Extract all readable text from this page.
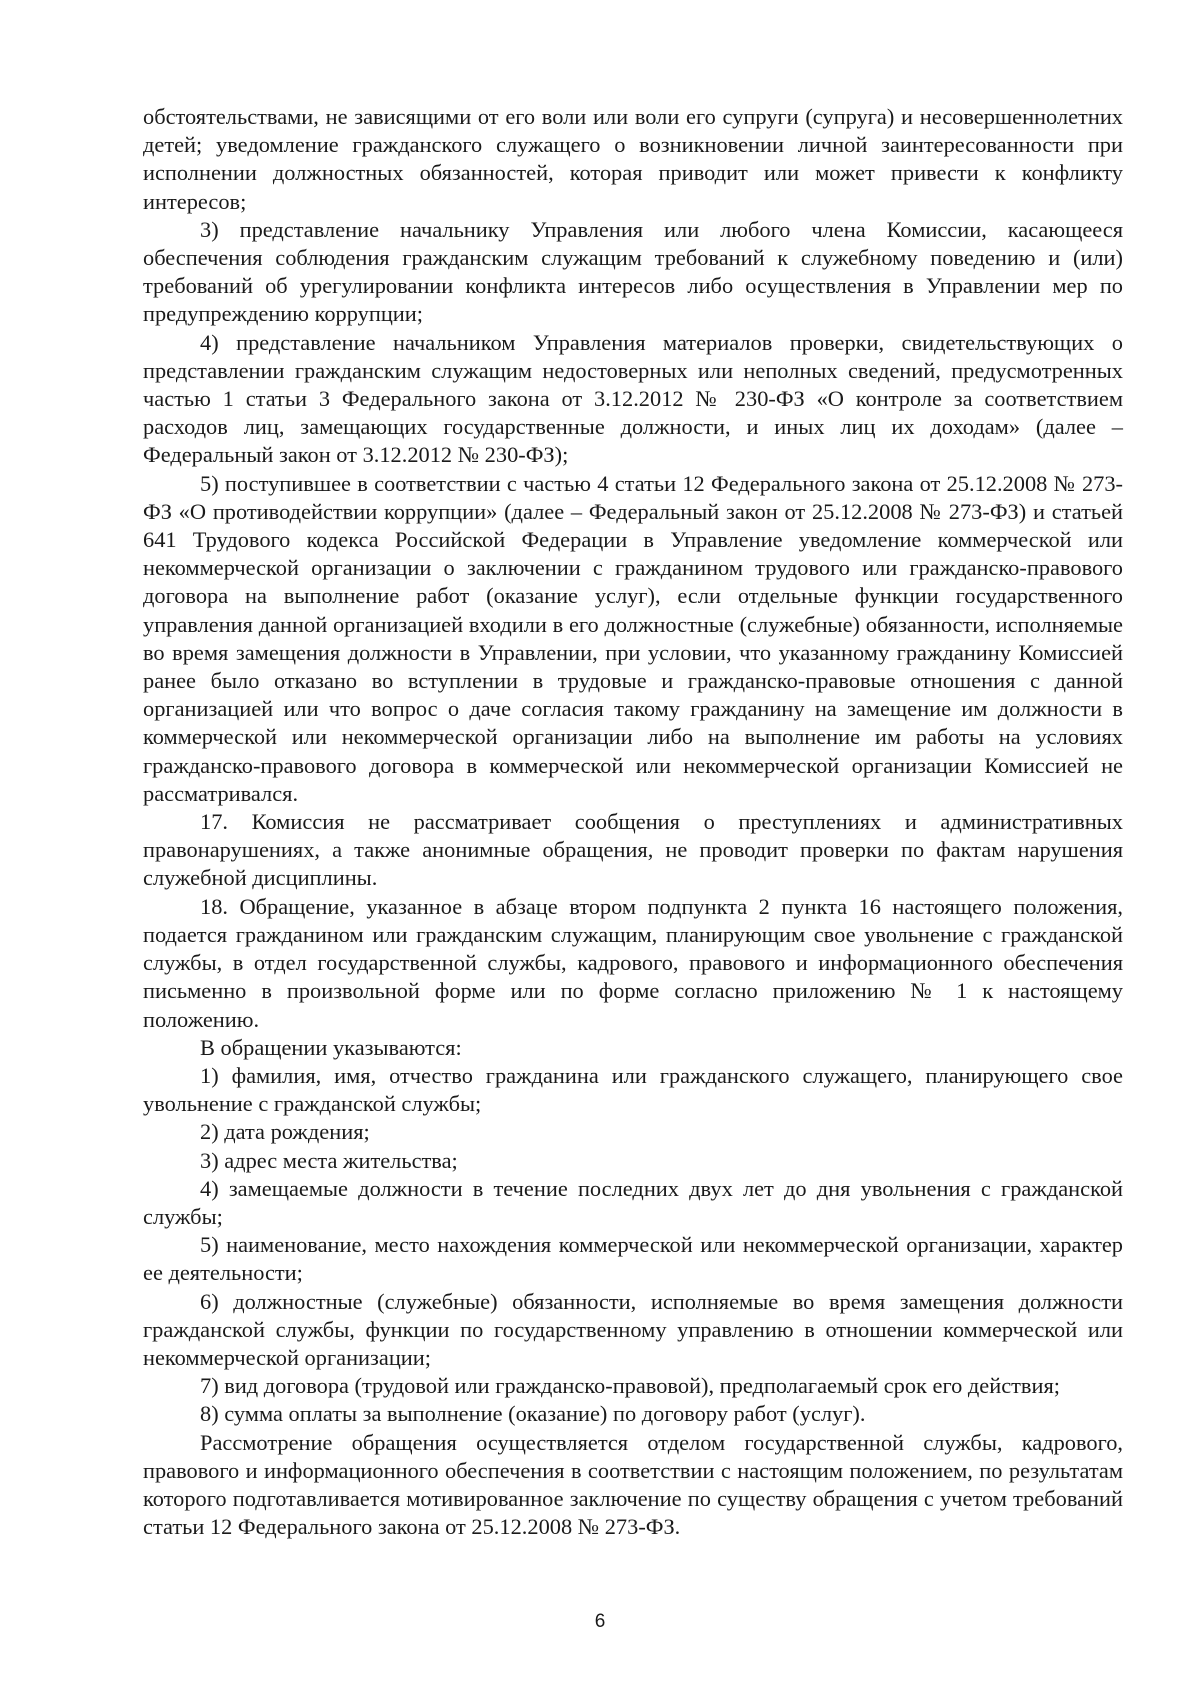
обстоятельствами, не зависящими от его воли или воли его супруги (супруга) и несовершеннолетних детей; уведомление гражданского служащего о возникновении личной заинтересованности при исполнении должностных обязанностей, которая приводит или может привести к конфликту интересов;

3) представление начальнику Управления или любого члена Комиссии, касающееся обеспечения соблюдения гражданским служащим требований к служебному поведению и (или) требований об урегулировании конфликта интересов либо осуществления в Управлении мер по предупреждению коррупции;

4) представление начальником Управления материалов проверки, свидетельствующих о представлении гражданским служащим недостоверных или неполных сведений, предусмотренных частью 1 статьи 3 Федерального закона от 3.12.2012 № 230-ФЗ «О контроле за соответствием расходов лиц, замещающих государственные должности, и иных лиц их доходам» (далее – Федеральный закон от 3.12.2012 № 230-ФЗ);

5) поступившее в соответствии с частью 4 статьи 12 Федерального закона от 25.12.2008 № 273-ФЗ «О противодействии коррупции» (далее – Федеральный закон от 25.12.2008 № 273-ФЗ) и статьей 641 Трудового кодекса Российской Федерации в Управление уведомление коммерческой или некоммерческой организации о заключении с гражданином трудового или гражданско-правового договора на выполнение работ (оказание услуг), если отдельные функции государственного управления данной организацией входили в его должностные (служебные) обязанности, исполняемые во время замещения должности в Управлении, при условии, что указанному гражданину Комиссией ранее было отказано во вступлении в трудовые и гражданско-правовые отношения с данной организацией или что вопрос о даче согласия такому гражданину на замещение им должности в коммерческой или некоммерческой организации либо на выполнение им работы на условиях гражданско-правового договора в коммерческой или некоммерческой организации Комиссией не рассматривался.

17. Комиссия не рассматривает сообщения о преступлениях и административных правонарушениях, а также анонимные обращения, не проводит проверки по фактам нарушения служебной дисциплины.

18. Обращение, указанное в абзаце втором подпункта 2 пункта 16 настоящего положения, подается гражданином или гражданским служащим, планирующим свое увольнение с гражданской службы, в отдел государственной службы, кадрового, правового и информационного обеспечения письменно в произвольной форме или по форме согласно приложению № 1 к настоящему положению.

В обращении указываются:

1) фамилия, имя, отчество гражданина или гражданского служащего, планирующего свое увольнение с гражданской службы;

2) дата рождения;

3) адрес места жительства;

4) замещаемые должности в течение последних двух лет до дня увольнения с гражданской службы;

5) наименование, место нахождения коммерческой или некоммерческой организации, характер ее деятельности;

6) должностные (служебные) обязанности, исполняемые во время замещения должности гражданской службы, функции по государственному управлению в отношении коммерческой или некоммерческой организации;

7) вид договора (трудовой или гражданско-правовой), предполагаемый срок его действия;

8) сумма оплаты за выполнение (оказание) по договору работ (услуг).

Рассмотрение обращения осуществляется отделом государственной службы, кадрового, правового и информационного обеспечения в соответствии с настоящим положением, по результатам которого подготавливается мотивированное заключение по существу обращения с учетом требований статьи 12 Федерального закона от 25.12.2008 № 273-ФЗ.

6
